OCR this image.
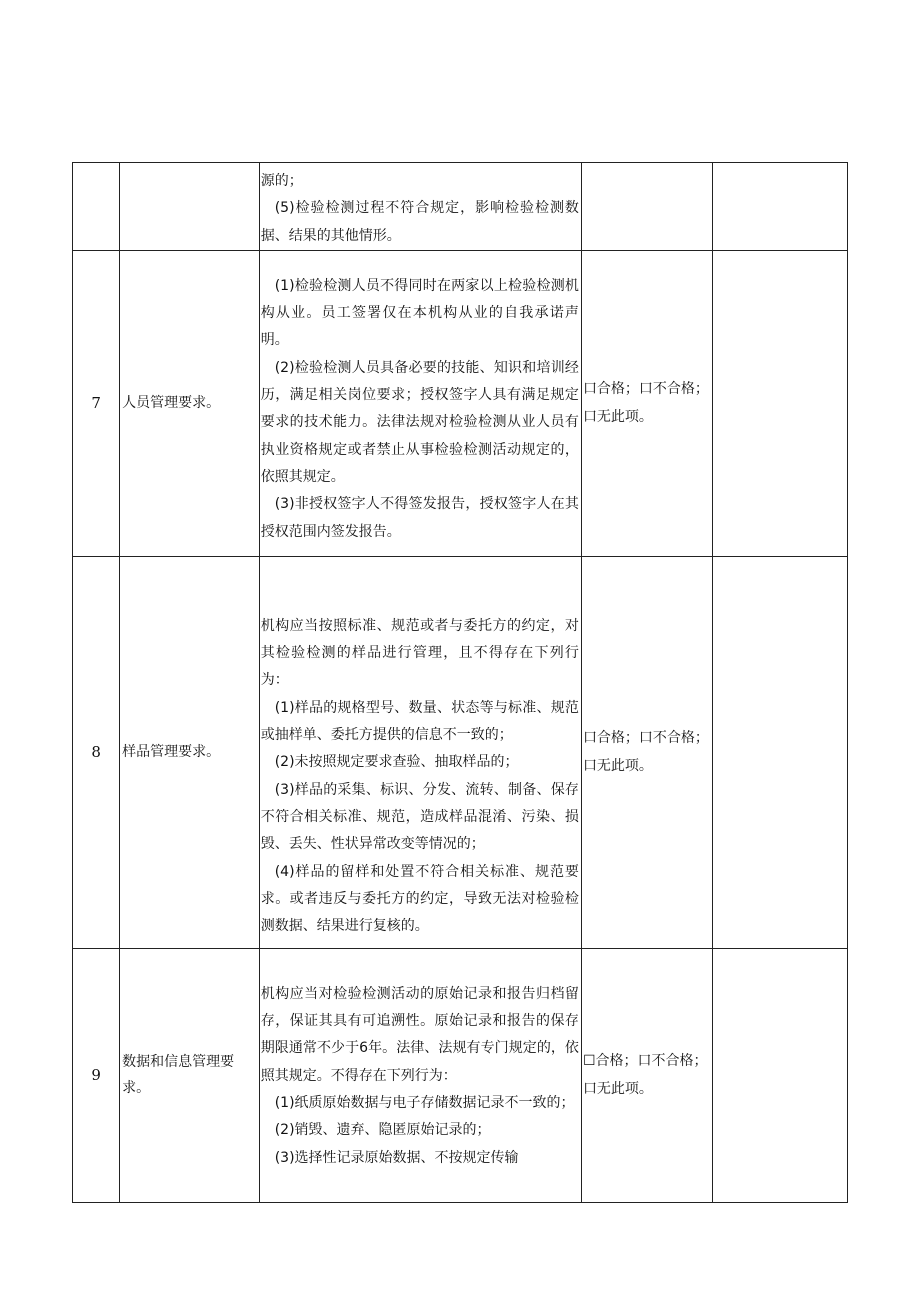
		源的；

(5)检验检测过程不符合规定，影响检验检测数据、结果的其他情形。		

7	人员管理要求。	(1)检验检测人员不得同时在两家以上检验检测机构从业。员工签署仅在本机构从业的自我承诺声明。

(2)检验检测人员具备必要的技能、知识和培训经历，满足相关岗位要求；授权签字人具有满足规定要求的技术能力。法律法规对检验检测从业人员有执业资格规定或者禁止从事检验检测活动规定的，依照其规定。

(3)非授权签字人不得签发报告，授权签字人在其授权范围内签发报告。	口合格；口不合格；口无此项。	
8	样品管理要求。	机构应当按照标准、规范或者与委托方的约定，对其检验检测的样品进行管理，且不得存在下列行为：

(1)样品的规格型号、数量、状态等与标准、规范或抽样单、委托方提供的信息不一致的；

(2)未按照规定要求查验、抽取样品的；

(3)样品的采集、标识、分发、流转、制备、保存不符合相关标准、规范，造成样品混淆、污染、损毁、丢失、性状异常改变等情况的；

(4)样品的留样和处置不符合相关标准、规范要求。或者违反与委托方的约定，导致无法对检验检测数据、结果进行复核的。	口合格；口不合格；口无此项。	
9	数据和信息管理要求。	机构应当对检验检测活动的原始记录和报告归档留存，保证其具有可追溯性。原始记录和报告的保存期限通常不少于6年。法律、法规有专门规定的，依照其规定。不得存在下列行为：

(1)纸质原始数据与电子存储数据记录不一致的；

(2)销毁、遗弃、隐匿原始记录的；

(3)选择性记录原始数据、不按规定传输	☐合格；口不合格；口无此项。	
